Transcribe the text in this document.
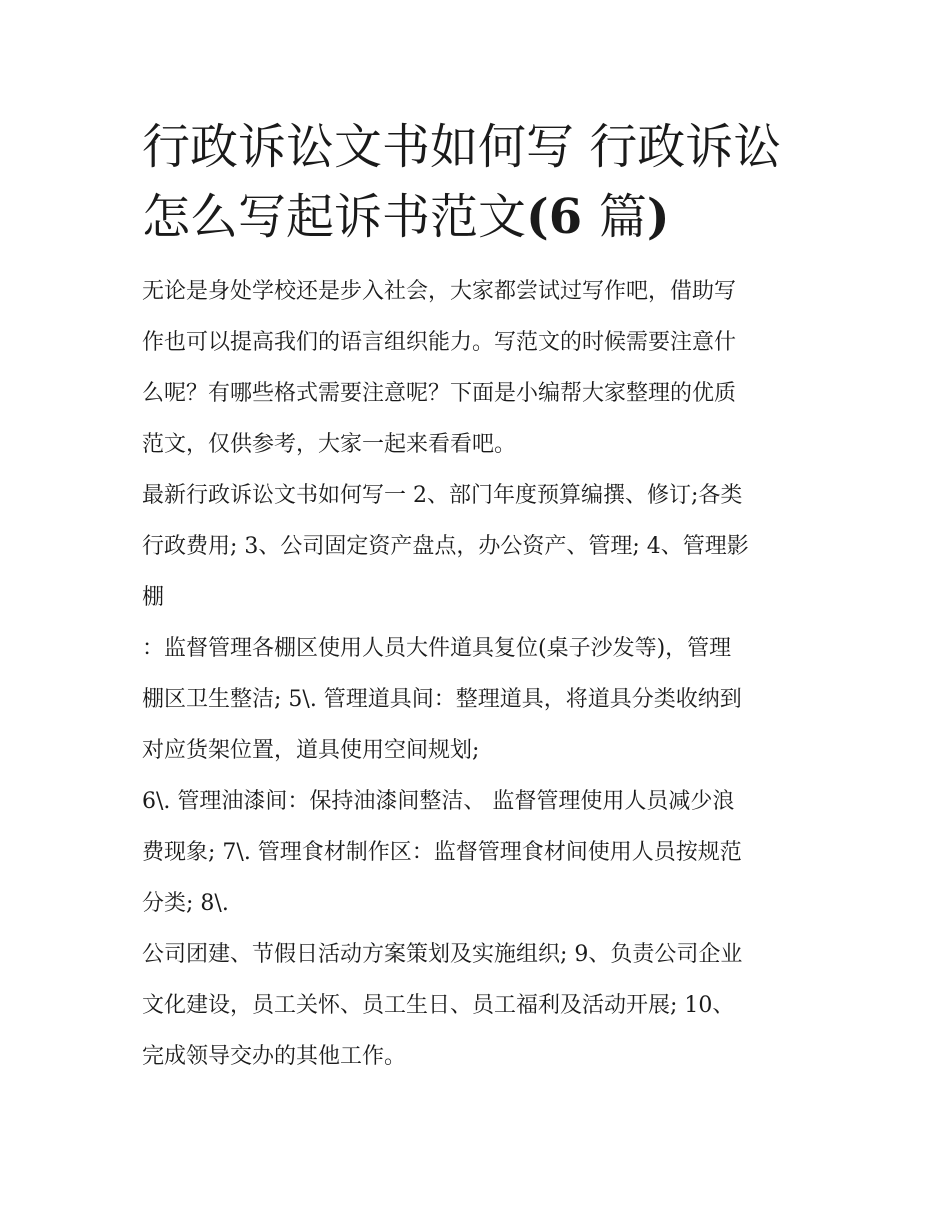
行政诉讼文书如何写 行政诉讼
怎么写起诉书范文(6 篇)

无论是身处学校还是步入社会，大家都尝试过写作吧，借助写
作也可以提高我们的语言组织能力。写范文的时候需要注意什
么呢？有哪些格式需要注意呢？下面是小编帮大家整理的优质
范文，仅供参考，大家一起来看看吧。

最新行政诉讼文书如何写一 2、部门年度预算编撰、修订;各类
行政费用; 3、公司固定资产盘点，办公资产、管理; 4、管理影
棚

：监督管理各棚区使用人员大件道具复位(桌子沙发等)，管理
棚区卫生整洁; 5\. 管理道具间：整理道具，将道具分类收纳到
对应货架位置，道具使用空间规划;

6\. 管理油漆间：保持油漆间整洁、 监督管理使用人员减少浪
费现象; 7\. 管理食材制作区：监督管理食材间使用人员按规范
分类; 8\.

公司团建、节假日活动方案策划及实施组织; 9、负责公司企业
文化建设，员工关怀、员工生日、员工福利及活动开展; 10、
完成领导交办的其他工作。
